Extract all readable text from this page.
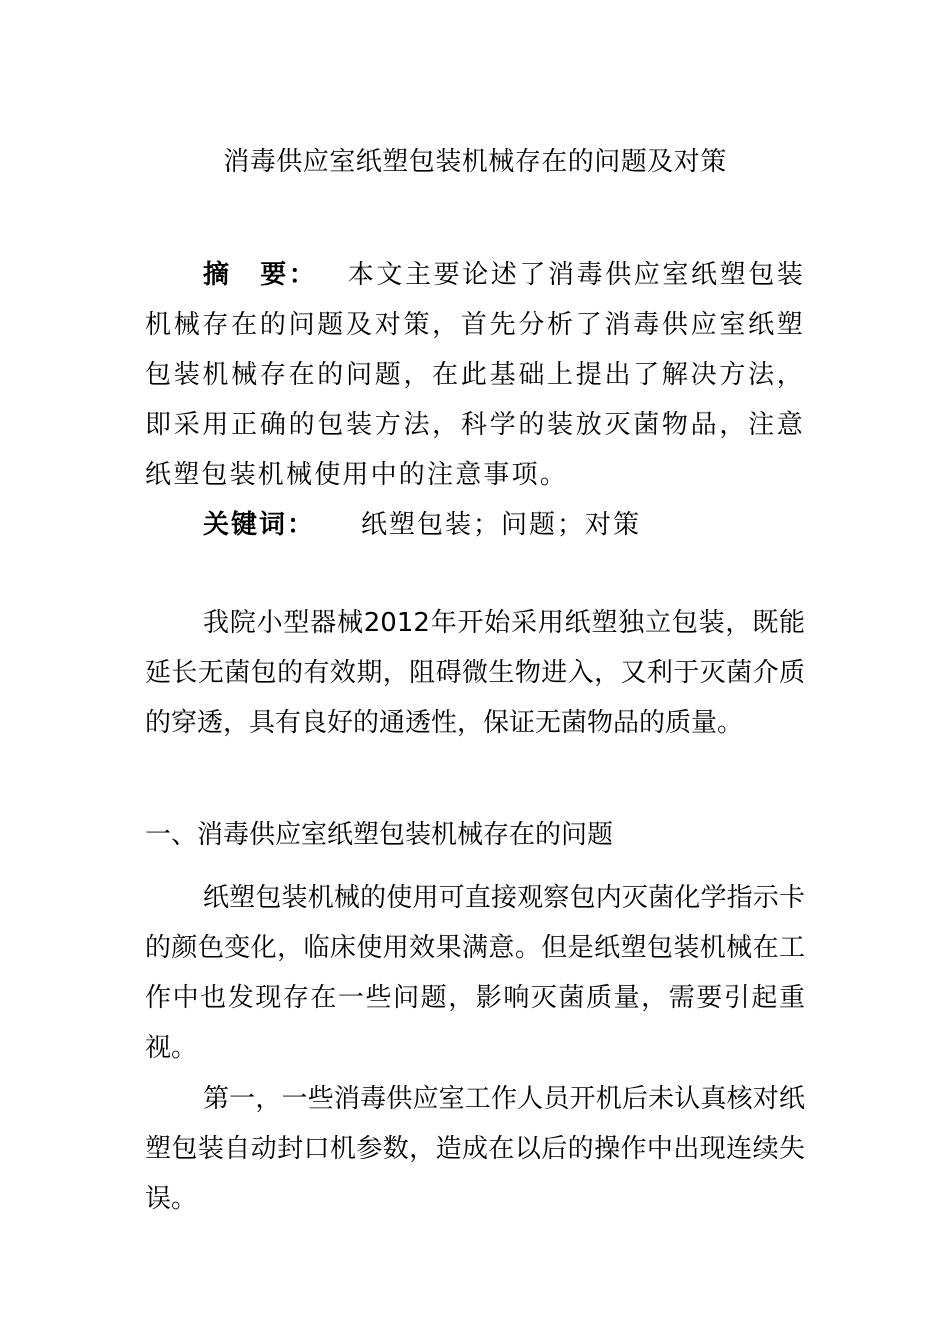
消毒供应室纸塑包装机械存在的问题及对策
摘　要： 本文主要论述了消毒供应室纸塑包装机械存在的问题及对策，首先分析了消毒供应室纸塑包装机械存在的问题，在此基础上提出了解决方法，即采用正确的包装方法，科学的装放灭菌物品，注意纸塑包装机械使用中的注意事项。
关键词： 纸塑包装；问题；对策

我院小型器械2012年开始采用纸塑独立包装，既能延长无菌包的有效期，阻碍微生物进入，又利于灭菌介质的穿透，具有良好的通透性，保证无菌物品的质量。

一、消毒供应室纸塑包装机械存在的问题

纸塑包装机械的使用可直接观察包内灭菌化学指示卡的颜色变化，临床使用效果满意。但是纸塑包装机械在工作中也发现存在一些问题，影响灭菌质量，需要引起重视。

第一，一些消毒供应室工作人员开机后未认真核对纸塑包装自动封口机参数，造成在以后的操作中出现连续失误。
